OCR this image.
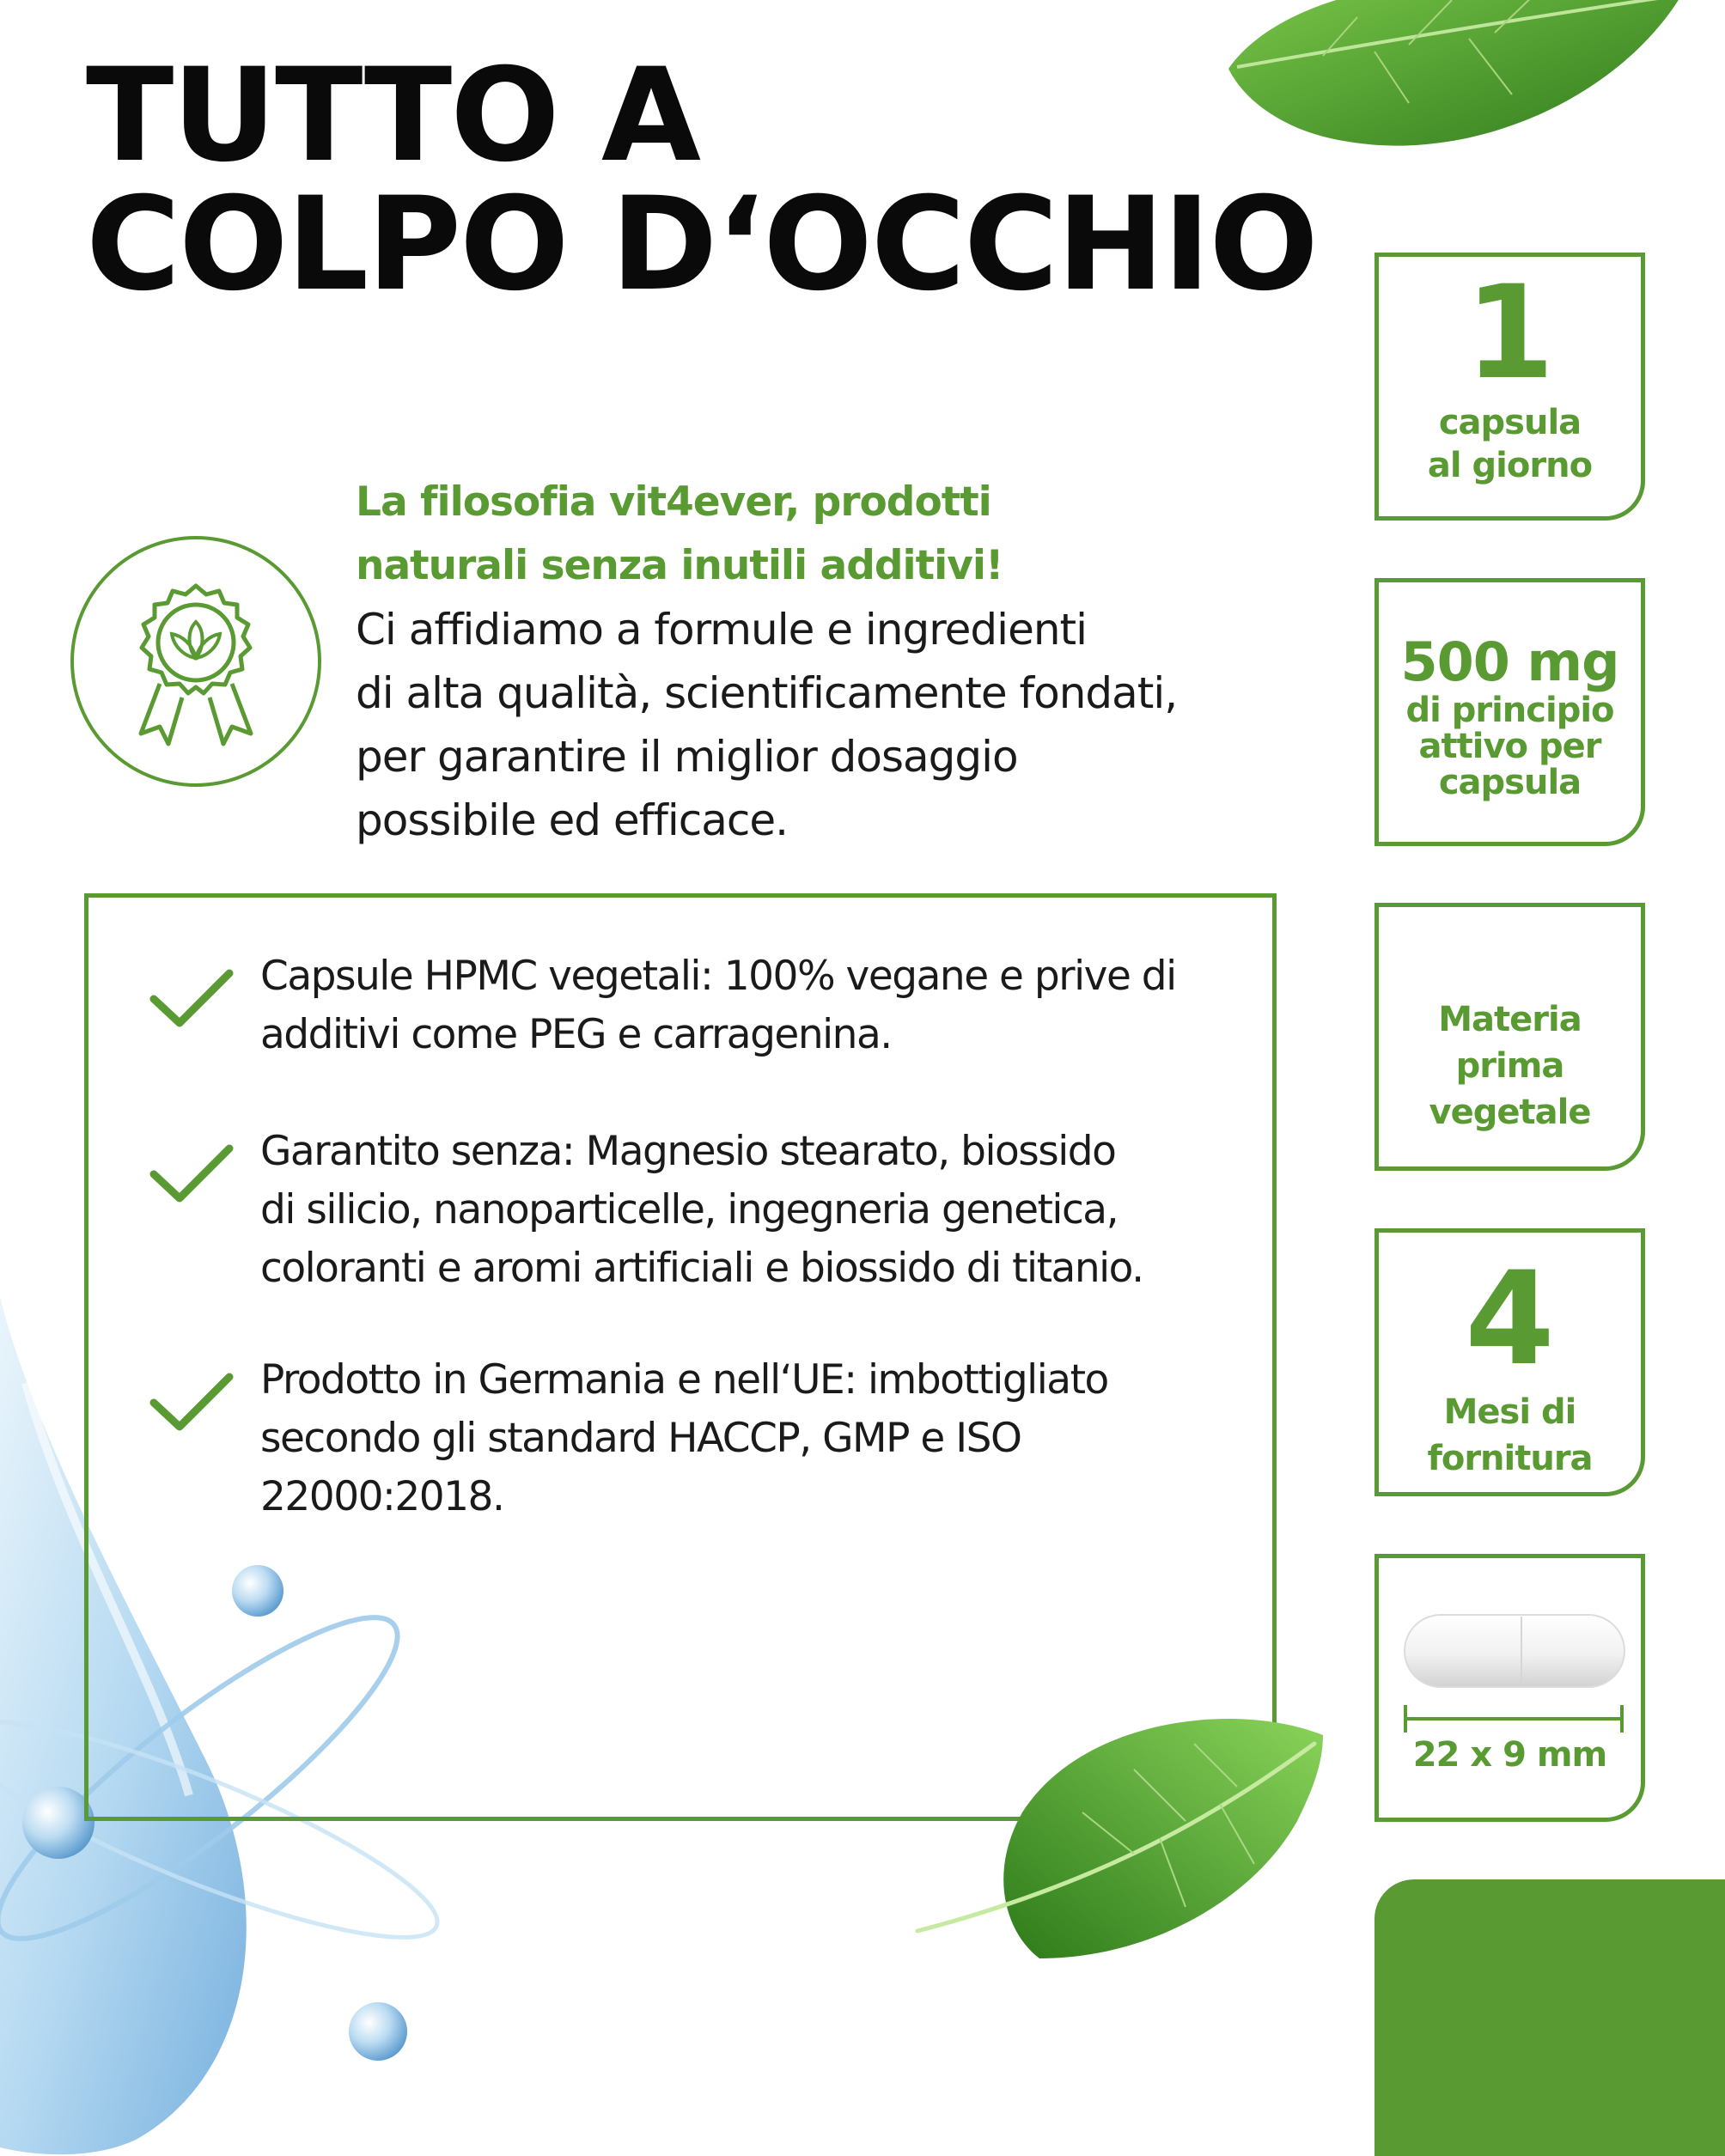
TUTTO A
COLPO D‘OCCHIO

La filosofia vit4ever, prodotti
naturali senza inutili additivi!

Ci affidiamo a formule e ingredienti
di alta qualità, scientificamente fondati,
per garantire il miglior dosaggio
possibile ed efficace.

Capsule HPMC vegetali: 100% vegane e prive di
additivi come PEG e carragenina.

Garantito senza: Magnesio stearato, biossido
di silicio, nanoparticelle, ingegneria genetica,
coloranti e aromi artificiali e biossido di titanio.

Prodotto in Germania e nell‘UE: imbottigliato
secondo gli standard HACCP, GMP e ISO
22000:2018.

1
capsula
al giorno
500 mg
di principio
attivo per
capsula
Materia prima
vegetale
4
Mesi di
fornitura
22 x 9 mm
